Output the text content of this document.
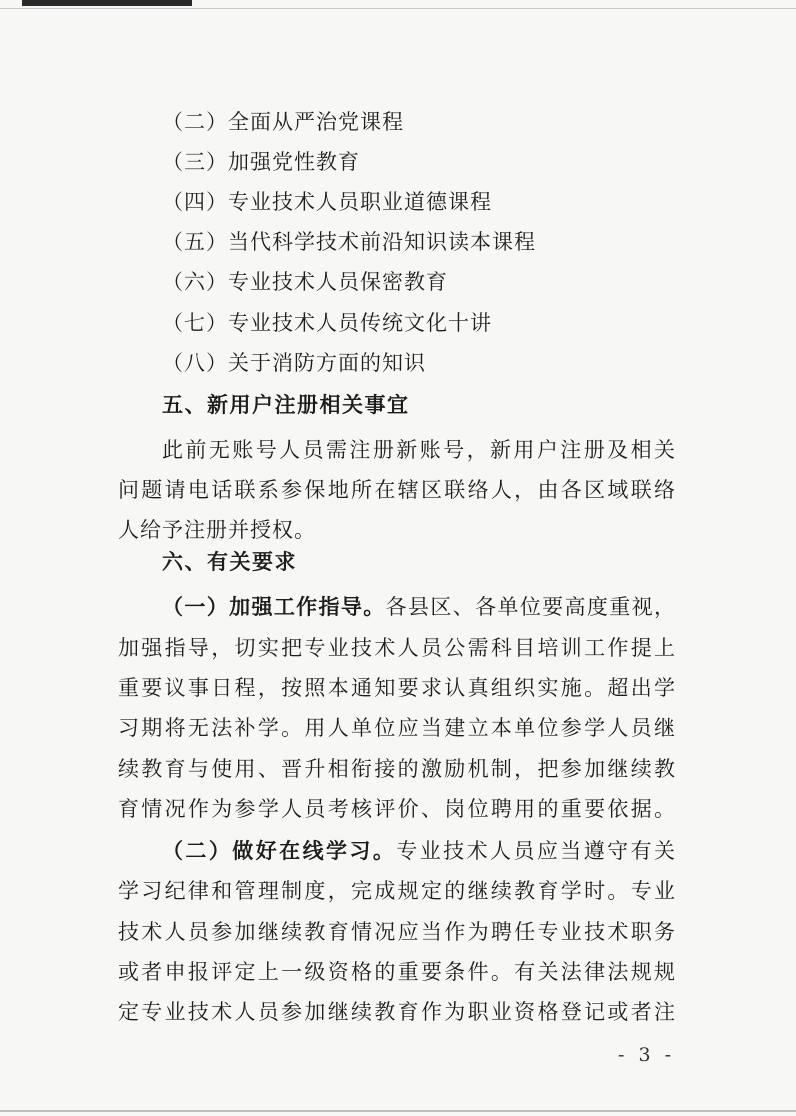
（二）全面从严治党课程
（三）加强党性教育
（四）专业技术人员职业道德课程
（五）当代科学技术前沿知识读本课程
（六）专业技术人员保密教育
（七）专业技术人员传统文化十讲
（八）关于消防方面的知识
五、新用户注册相关事宜
此前无账号人员需注册新账号，新用户注册及相关
问题请电话联系参保地所在辖区联络人，由各区域联络
人给予注册并授权。
六、有关要求
（一）加强工作指导。各县区、各单位要高度重视，
加强指导，切实把专业技术人员公需科目培训工作提上
重要议事日程，按照本通知要求认真组织实施。超出学
习期将无法补学。用人单位应当建立本单位参学人员继
续教育与使用、晋升相衔接的激励机制，把参加继续教
育情况作为参学人员考核评价、岗位聘用的重要依据。
（二）做好在线学习。专业技术人员应当遵守有关
学习纪律和管理制度，完成规定的继续教育学时。专业
技术人员参加继续教育情况应当作为聘任专业技术职务
或者申报评定上一级资格的重要条件。有关法律法规规
定专业技术人员参加继续教育作为职业资格登记或者注
- 3 -
